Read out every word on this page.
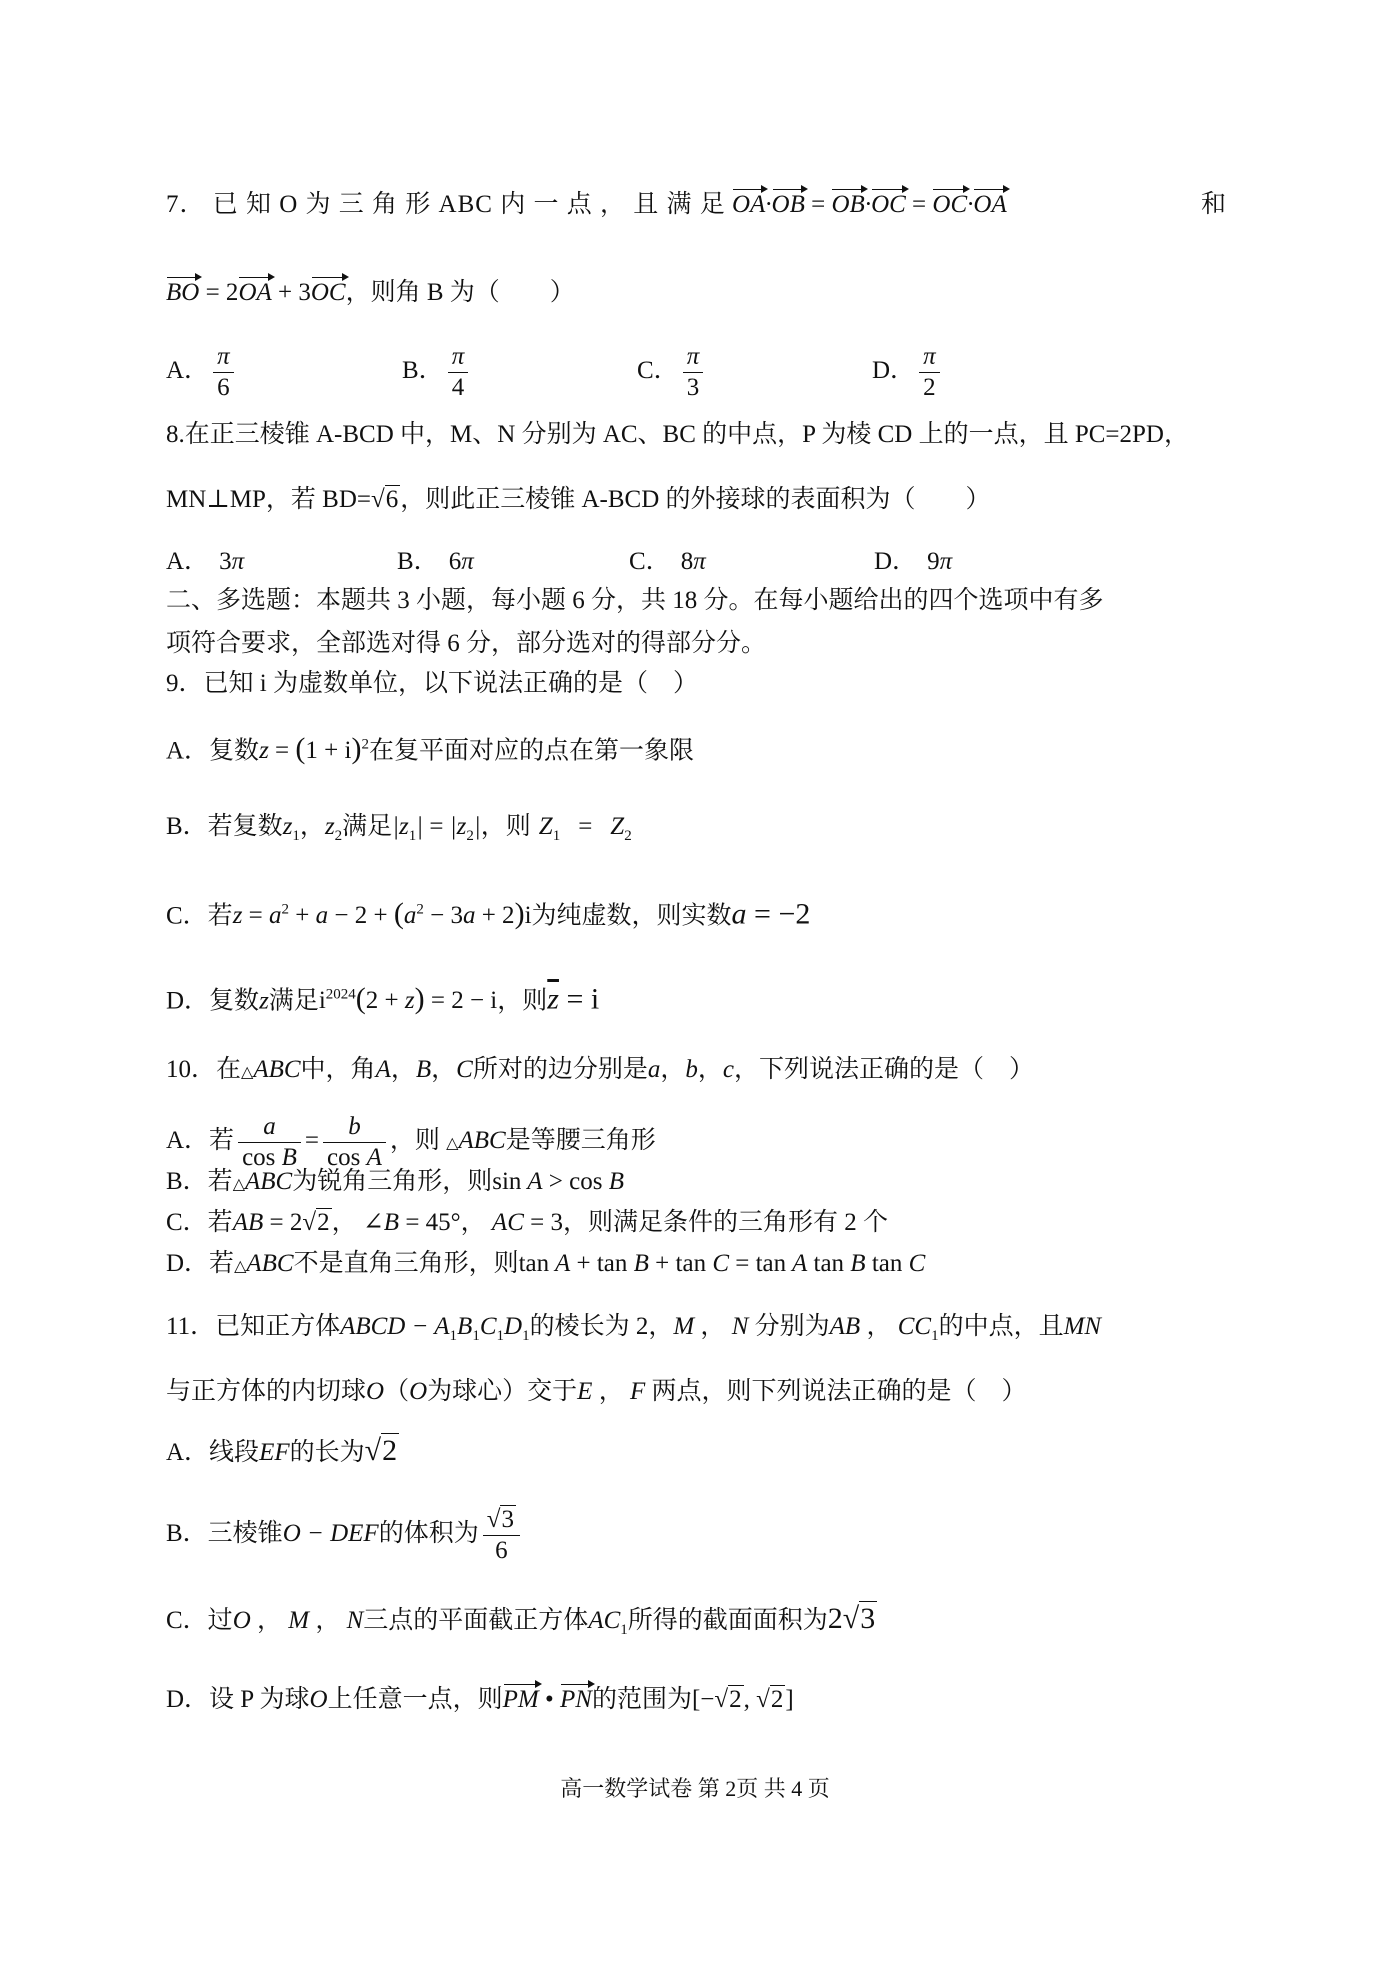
7． 已 知 O 为 三 角 形 ABC 内 一 点 ， 且 满 足 OA·OB = OB·OC = OC·OA	和
BO = 2OA + 3OC，则角 B 为（　　）
A． $\frac{\pi}{6}$	B． $\frac{\pi}{4}$	C． $\frac{\pi}{3}$	D． $\frac{\pi}{2}$
8.在正三棱锥 A-BCD 中，M、N 分别为 AC、BC 的中点，P 为棱 CD 上的一点，且 PC=2PD，
MN⊥MP，若 BD=√6，则此正三棱锥 A-BCD 的外接球的表面积为（　　）
A． 3π	B． 6π	C． 8π	D． 9π
二、多选题：本题共 3 小题，每小题 6 分，共 18 分。在每小题给出的四个选项中有多
项符合要求，全部选对得 6 分，部分选对的得部分分。
9．已知 i 为虚数单位，以下说法正确的是（　）
A．复数$z = (1 + i)^2$在复平面对应的点在第一象限
B．若复数$z_1$，$z_2$满足$|z_1| = |z_2|$，则 $Z_1 = Z_2$
C．若$z = a^2 + a - 2 + (a^2 - 3a + 2)i$为纯虚数，则实数a = −2
D．复数z满足$i^{2024}(2 + z) = 2 - i$，则$\overline{z} = i$
10．在△ABC中，角A，B，C所对的边分别是a，b，c，下列说法正确的是（　）
A．若 $\frac{a}{\text{cos B}} = \frac{b}{\text{cos A}}$ ，则 △ABC是等腰三角形
B．若△ABC为锐角三角形，则sin A > cos B
C．若AB = 2√2， ∠B = 45°， AC = 3，则满足条件的三角形有 2 个
D．若△ABC不是直角三角形，则tan A + tan B + tan C = tan A tan B tan C
11．已知正方体ABCD − $A_1B_1C_1D_1$的棱长为 2，M ， N 分别为AB ， $CC_1$的中点，且MN
与正方体的内切球O（O为球心）交于E ， F 两点，则下列说法正确的是（　）
A．线段EF的长为√2
B．三棱锥O − DEF的体积为 $\frac{√3}{6}$
C．过O ， M ， N三点的平面截正方体$AC_1$所得的截面面积为2√3
D．设 P 为球O上任意一点，则PM • PN的范围为[−√2, √2]
高一数学试卷 第 2页 共 4 页
